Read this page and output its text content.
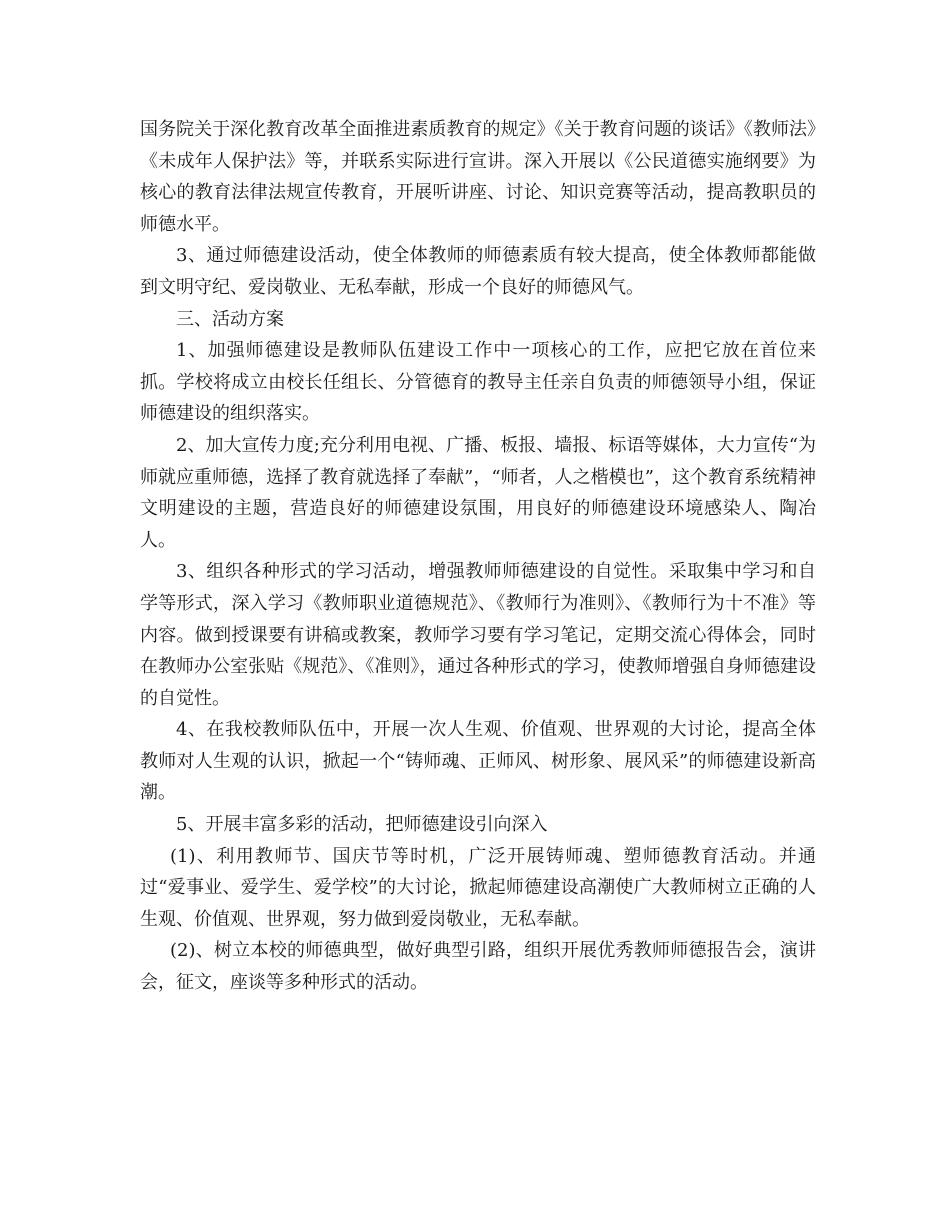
国务院关于深化教育改革全面推进素质教育的规定》《关于教育问题的谈话》《教师法》《未成年人保护法》等，并联系实际进行宣讲。深入开展以《公民道德实施纲要》为核心的教育法律法规宣传教育，开展听讲座、讨论、知识竞赛等活动，提高教职员的师德水平。

3、通过师德建设活动，使全体教师的师德素质有较大提高，使全体教师都能做到文明守纪、爱岗敬业、无私奉献，形成一个良好的师德风气。

三、活动方案

1、加强师德建设是教师队伍建设工作中一项核心的工作，应把它放在首位来抓。学校将成立由校长任组长、分管德育的教导主任亲自负责的师德领导小组，保证师德建设的组织落实。

2、加大宣传力度;充分利用电视、广播、板报、墙报、标语等媒体，大力宣传“为师就应重师德，选择了教育就选择了奉献”，“师者，人之楷模也”，这个教育系统精神文明建设的主题，营造良好的师德建设氛围，用良好的师德建设环境感染人、陶冶人。

3、组织各种形式的学习活动，增强教师师德建设的自觉性。采取集中学习和自学等形式，深入学习《教师职业道德规范》、《教师行为准则》、《教师行为十不准》等内容。做到授课要有讲稿或教案，教师学习要有学习笔记，定期交流心得体会，同时在教师办公室张贴《规范》、《准则》，通过各种形式的学习，使教师增强自身师德建设的自觉性。

4、在我校教师队伍中，开展一次人生观、价值观、世界观的大讨论，提高全体教师对人生观的认识，掀起一个“铸师魂、正师风、树形象、展风采”的师德建设新高潮。

5、开展丰富多彩的活动，把师德建设引向深入

(1)、利用教师节、国庆节等时机，广泛开展铸师魂、塑师德教育活动。并通过“爱事业、爱学生、爱学校”的大讨论，掀起师德建设高潮使广大教师树立正确的人生观、价值观、世界观，努力做到爱岗敬业，无私奉献。

(2)、树立本校的师德典型，做好典型引路，组织开展优秀教师师德报告会，演讲会，征文，座谈等多种形式的活动。
